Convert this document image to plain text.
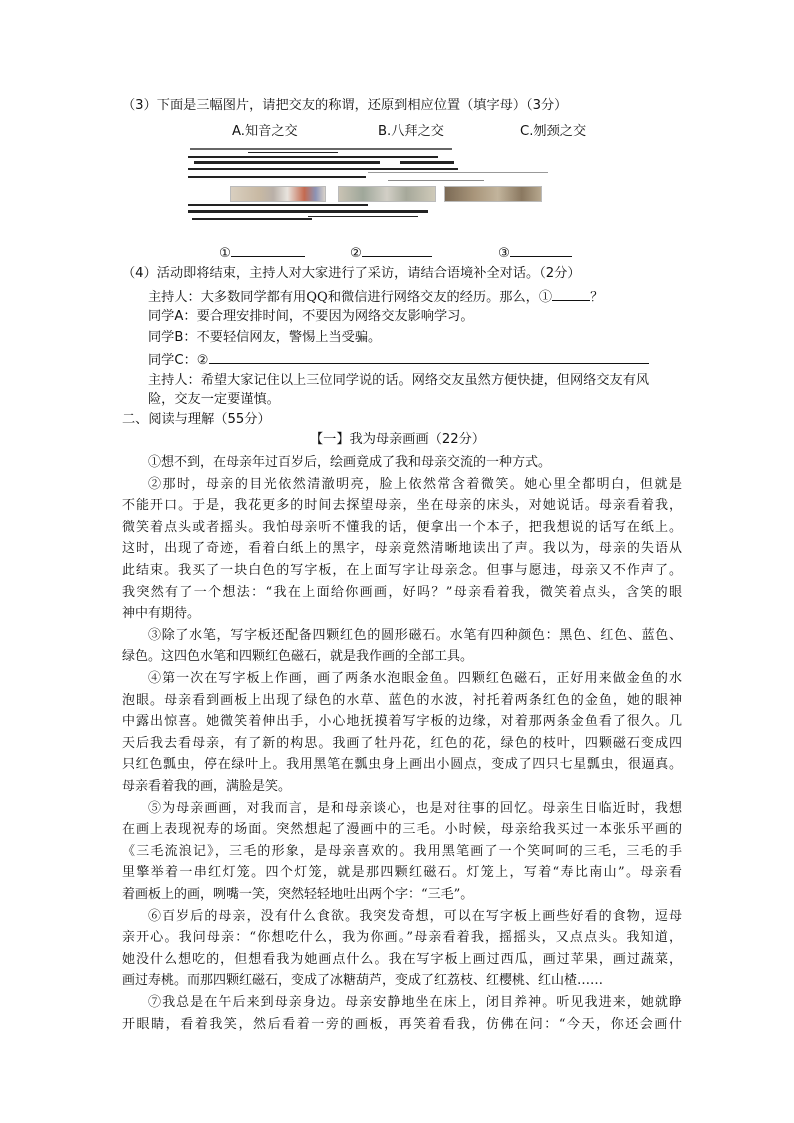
（3）下面是三幅图片，请把交友的称谓，还原到相应位置（填字母）（3分）
A.知音之交	B.八拜之交	C.刎颈之交
①	②	③
（4）活动即将结束，主持人对大家进行了采访，请结合语境补全对话。（2分）
主持人：大多数同学都有用QQ和微信进行网络交友的经历。那么，①	？
同学A：要合理安排时间，不要因为网络交友影响学习。
同学B：不要轻信网友，警惕上当受骗。
同学C：②
主持人：希望大家记住以上三位同学说的话。网络交友虽然方便快捷，但网络交友有风
险，交友一定要谨慎。
二、阅读与理解（55分）
【一】我为母亲画画（22分）
①想不到，在母亲年过百岁后，绘画竟成了我和母亲交流的一种方式。
②那时，母亲的目光依然清澈明亮，脸上依然常含着微笑。她心里全都明白，但就是
不能开口。于是，我花更多的时间去探望母亲，坐在母亲的床头，对她说话。母亲看着我，
微笑着点头或者摇头。我怕母亲听不懂我的话，便拿出一个本子，把我想说的话写在纸上。
这时，出现了奇迹，看着白纸上的黑字，母亲竟然清晰地读出了声。我以为，母亲的失语从
此结束。我买了一块白色的写字板，在上面写字让母亲念。但事与愿违，母亲又不作声了。
我突然有了一个想法：“我在上面给你画画，好吗？”母亲看着我，微笑着点头，含笑的眼
神中有期待。
③除了水笔，写字板还配备四颗红色的圆形磁石。水笔有四种颜色：黑色、红色、蓝色、
绿色。这四色水笔和四颗红色磁石，就是我作画的全部工具。
④第一次在写字板上作画，画了两条水泡眼金鱼。四颗红色磁石，正好用来做金鱼的水
泡眼。母亲看到画板上出现了绿色的水草、蓝色的水波，衬托着两条红色的金鱼，她的眼神
中露出惊喜。她微笑着伸出手，小心地抚摸着写字板的边缘，对着那两条金鱼看了很久。几
天后我去看母亲，有了新的构思。我画了牡丹花，红色的花，绿色的枝叶，四颗磁石变成四
只红色瓢虫，停在绿叶上。我用黑笔在瓢虫身上画出小圆点，变成了四只七星瓢虫，很逼真。
母亲看着我的画，满脸是笑。
⑤为母亲画画，对我而言，是和母亲谈心，也是对往事的回忆。母亲生日临近时，我想
在画上表现祝寿的场面。突然想起了漫画中的三毛。小时候，母亲给我买过一本张乐平画的
《三毛流浪记》，三毛的形象，是母亲喜欢的。我用黑笔画了一个笑呵呵的三毛，三毛的手
里擎举着一串红灯笼。四个灯笼，就是那四颗红磁石。灯笼上，写着“寿比南山”。母亲看
着画板上的画，咧嘴一笑，突然轻轻地吐出两个字：“三毛”。
⑥百岁后的母亲，没有什么食欲。我突发奇想，可以在写字板上画些好看的食物，逗母
亲开心。我问母亲：“你想吃什么，我为你画。”母亲看着我，摇摇头，又点点头。我知道，
她没什么想吃的，但想看我为她画点什么。我在写字板上画过西瓜，画过苹果，画过蔬菜，
画过寿桃。而那四颗红磁石，变成了冰糖葫芦，变成了红荔枝、红樱桃、红山楂……
⑦我总是在午后来到母亲身边。母亲安静地坐在床上，闭目养神。听见我进来，她就睁
开眼睛，看着我笑，然后看着一旁的画板，再笑着看我，仿佛在问：“今天，你还会画什
